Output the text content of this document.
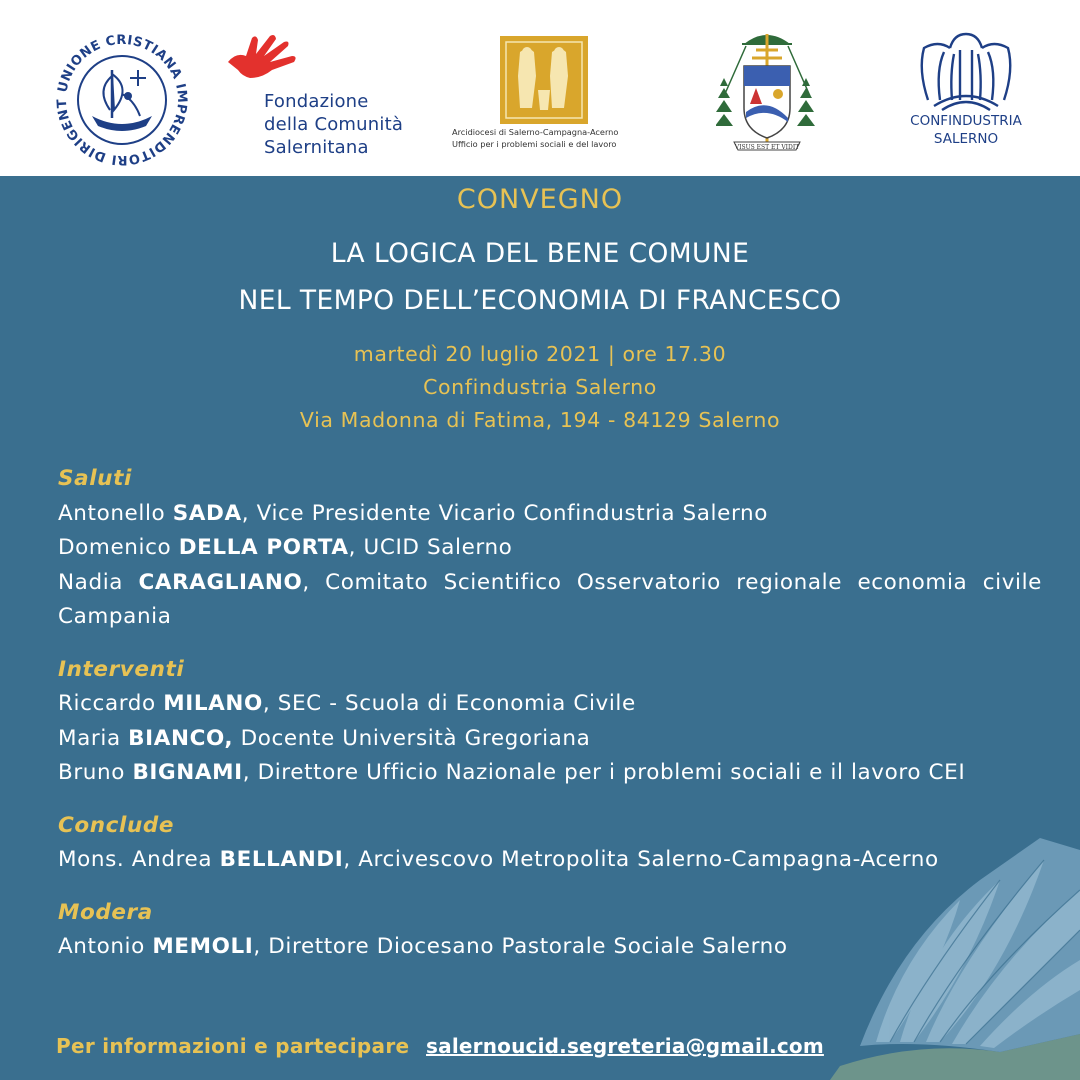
UNIONE CRISTIANA IMPRENDITORI DIRIGENT	Fondazione
della Comunità
Salernitana
Arcidiocesi di Salerno-Campagna-Acerno
Ufficio per i problemi sociali e del lavoro	VISUS EST ET VIDIT
CONFINDUSTRIA
SALERNO
CONVEGNO
LA LOGICA DEL BENE COMUNE
NEL TEMPO DELL’ECONOMIA DI FRANCESCO
martedì 20 luglio 2021 | ore 17.30
Confindustria Salerno
Via Madonna di Fatima, 194 - 84129 Salerno
Saluti
Antonello SADA, Vice Presidente Vicario Confindustria Salerno
Domenico DELLA PORTA, UCID Salerno
Nadia CARAGLIANO, Comitato Scientifico Osservatorio regionale economia civile Campania
Interventi
Riccardo MILANO, SEC - Scuola di Economia Civile
Maria BIANCO, Docente Università Gregoriana
Bruno BIGNAMI, Direttore Ufficio Nazionale per i problemi sociali e il lavoro CEI
Conclude
Mons. Andrea BELLANDI, Arcivescovo Metropolita Salerno-Campagna-Acerno
Modera
Antonio MEMOLI, Direttore Diocesano Pastorale Sociale Salerno
Per informazioni e partecipare salernoucid.segreteria@gmail.com
